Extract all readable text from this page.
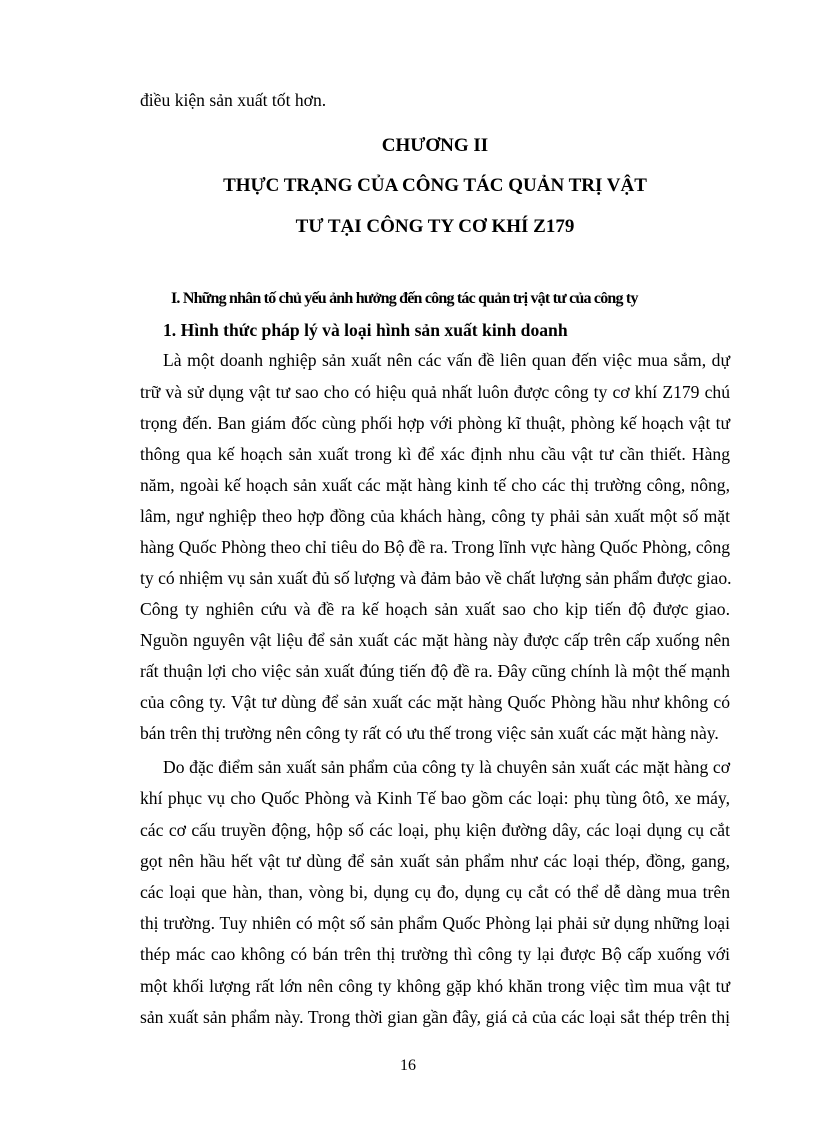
điều kiện sản xuất tốt hơn.
CHƯƠNG II
THỰC TRẠNG CỦA CÔNG TÁC QUẢN TRỊ VẬT
TƯ TẠI CÔNG TY CƠ KHÍ Z179
I. Những nhân tố chủ yếu ảnh hưởng đến công tác quản trị vật tư của công ty
1. Hình thức pháp lý và loại hình sản xuất kinh doanh
Là một doanh nghiệp sản xuất nên các vấn đề liên quan đến việc mua sắm, dự
trữ và sử dụng vật tư sao cho có hiệu quả nhất luôn được công ty cơ khí Z179 chú
trọng đến. Ban giám đốc cùng phối hợp với phòng kĩ thuật, phòng kế hoạch vật tư
thông qua kế hoạch sản xuất trong kì để xác định nhu cầu vật tư cần thiết. Hàng
năm, ngoài kế hoạch sản xuất các mặt hàng kinh tế cho các thị trường công, nông,
lâm, ngư nghiệp theo hợp đồng của khách hàng, công ty phải sản xuất một số mặt
hàng Quốc Phòng theo chỉ tiêu do Bộ đề ra. Trong lĩnh vực hàng Quốc Phòng, công
ty có nhiệm vụ sản xuất đủ số lượng và đảm bảo về chất lượng sản phẩm được giao.
Công ty nghiên cứu và đề ra kế hoạch sản xuất sao cho kịp tiến độ được giao.
Nguồn nguyên vật liệu để sản xuất các mặt hàng này được cấp trên cấp xuống nên
rất thuận lợi cho việc sản xuất đúng tiến độ đề ra. Đây cũng chính là một thế mạnh
của công ty. Vật tư dùng để sản xuất các mặt hàng Quốc Phòng hầu như không có
bán trên thị trường nên công ty rất có ưu thế trong việc sản xuất các mặt hàng này.
Do đặc điểm sản xuất sản phẩm của công ty là chuyên sản xuất các mặt hàng cơ
khí phục vụ cho Quốc Phòng và Kinh Tế bao gồm các loại: phụ tùng ôtô, xe máy,
các cơ cấu truyền động, hộp số các loại, phụ kiện đường dây, các loại dụng cụ cắt
gọt nên hầu hết vật tư dùng để sản xuất sản phẩm như các loại thép, đồng, gang,
các loại que hàn, than, vòng bi, dụng cụ đo, dụng cụ cắt có thể dễ dàng mua trên
thị trường. Tuy nhiên có một số sản phẩm Quốc Phòng lại phải sử dụng những loại
thép mác cao không có bán trên thị trường thì công ty lại được Bộ cấp xuống với
một khối lượng rất lớn nên công ty không gặp khó khăn trong việc tìm mua vật tư
sản xuất sản phẩm này. Trong thời gian gần đây, giá cả của các loại sắt thép trên thị
16
